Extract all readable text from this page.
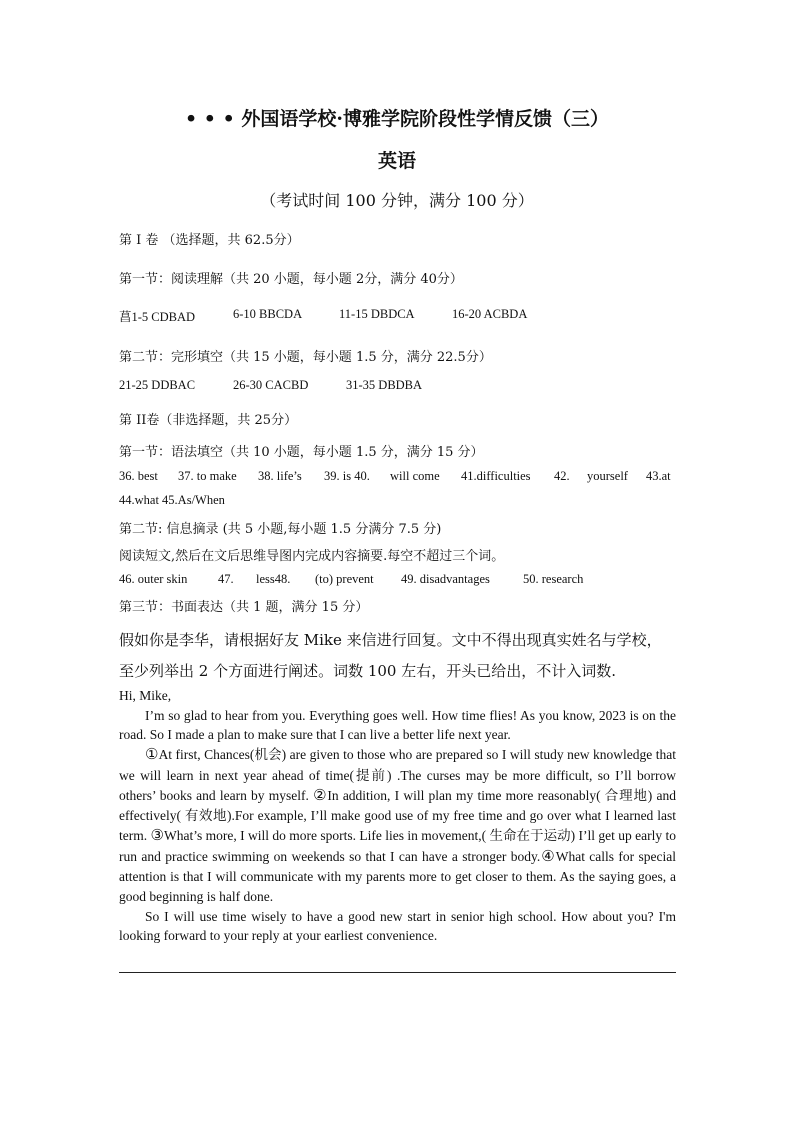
• • • 外国语学校·博雅学院阶段性学情反馈（三）
英语
（考试时间 100 分钟，满分 100 分）
第 I 卷 （选择题，共 62.5分）
第一节：阅读理解（共 20 小题，每小题 2分，满分 40分）
菖1-5 CDBAD	6-10 BBCDA	11-15 DBDCA	16-20 ACBDA
第二节：完形填空（共 15 小题，每小题 1.5 分，满分 22.5分）
21-25 DDBAC	26-30 CACBD	31-35 DBDBA
第 II卷（非选择题，共 25分）
第一节：语法填空（共 10 小题，每小题 1.5 分，满分 15 分）
36. best 37. to make 38. life’s 39. is 40. will come 41.difficulties 42. yourself 43.at
44.what 45.As/When
第二节: 信息摘录 (共 5 小题,每小题 1.5 分满分 7.5 分)
阅读短文,然后在文后思维导图内完成内容摘要.每空不超过三个词。
46. outer skin 47. less48. (to) prevent 49. disadvantages	50. research
第三节：书面表达（共 1 题，满分 15 分）
假如你是李华，请根据好友 Mike 来信进行回复。文中不得出现真实姓名与学校，
至少列举出 2 个方面进行阐述。词数 100 左右，开头已给出，不计入词数.

Hi, Mike,

I’m so glad to hear from you. Everything goes well. How time flies! As you know, 2023 is on the road. So I made a plan to make sure that I can live a better life next year.

①At first, Chances(机会) are given to those who are prepared so I will study new knowledge that we will learn in next year ahead of time(提前) .The curses may be more difficult, so I’ll borrow others’ books and learn by myself. ②In addition, I will plan my time more reasonably( 合理地) and effectively( 有效地).For example, I’ll make good use of my free time and go over what I learned last term. ③What’s more, I will do more sports. Life lies in movement,( 生命在于运动) I’ll get up early to run and practice swimming on weekends so that I can have a stronger body.④What calls for special attention is that I will communicate with my parents more to get closer to them. As the saying goes, a good beginning is half done.

So I will use time wisely to have a good new start in senior high school. How about you? I'm looking forward to your reply at your earliest convenience.
